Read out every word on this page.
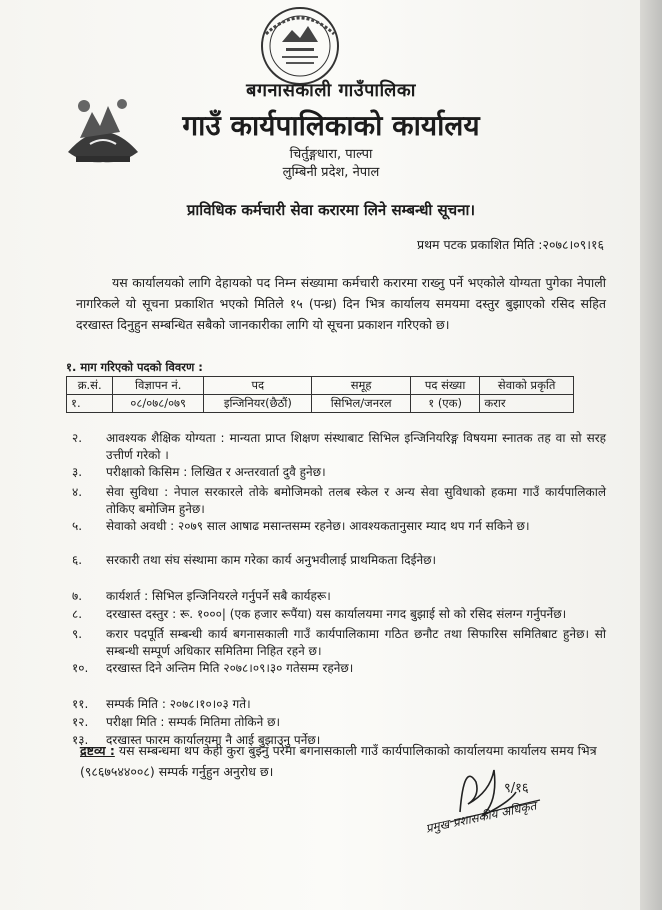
बगनासकाली गाउँपालिका
गाउँ कार्यपालिकाको कार्यालय
चिर्तुङ्गधारा, पाल्पा
लुम्बिनी प्रदेश, नेपाल
प्राविधिक कर्मचारी सेवा करारमा लिने सम्बन्धी सूचना।
प्रथम पटक प्रकाशित मिति :२०७८।०९।१६
यस कार्यालयको लागि देहायको पद निम्न संख्यामा कर्मचारी करारमा राख्नु पर्ने भएकोले योग्यता पुगेका नेपाली नागरिकले यो सूचना प्रकाशित भएको मितिले १५ (पन्ध्र) दिन भित्र कार्यालय समयमा दस्तुर बुझाएको रसिद सहित दरखास्त दिनुहुन सम्बन्धित सबैको जानकारीका लागि यो सूचना प्रकाशन गरिएको छ।
१. माग गरिएको पदको विवरण :
क्र.सं.	विज्ञापन नं.	पद	समूह	पद संख्या	सेवाको प्रकृति
१.	०८/०७८/०७९	इन्जिनियर(छैठौं)	सिभिल/जनरल	१ (एक)	करार
२.	आवश्यक शैक्षिक योग्यता : मान्यता प्राप्त शिक्षण संस्थाबाट सिभिल इन्जिनियरिङ्ग विषयमा स्नातक तह वा सो सरह उत्तीर्ण गरेको ।
३.	परीक्षाको किसिम : लिखित र अन्तरवार्ता दुवै हुनेछ।
४.	सेवा सुविधा : नेपाल सरकारले तोके बमोजिमको तलब स्केल र अन्य सेवा सुविधाको हकमा गाउँ कार्यपालिकाले तोकिए बमोजिम हुनेछ।
५.	सेवाको अवधी : २०७९ साल आषाढ मसान्तसम्म रहनेछ। आवश्यकतानुसार म्याद थप गर्न सकिने छ।
६.	सरकारी तथा संघ संस्थामा काम गरेका कार्य अनुभवीलाई प्राथमिकता दिईनेछ।
७.	कार्यशर्त : सिभिल इन्जिनियरले गर्नुपर्ने सबै कार्यहरू।
८.	दरखास्त दस्तुर : रू. १०००| (एक हजार रूपैंया) यस कार्यालयमा नगद बुझाई सो को रसिद संलग्न गर्नुपर्नेछ।
९.	करार पदपूर्ति सम्बन्धी कार्य बगनासकाली गाउँ कार्यपालिकामा गठित छनौट तथा सिफारिस समितिबाट हुनेछ। सो सम्बन्धी सम्पूर्ण अधिकार समितिमा निहित रहने छ।
१०.	दरखास्त दिने अन्तिम मिति २०७८।०९।३० गतेसम्म रहनेछ।
११.	सम्पर्क मिति : २०७८।१०।०३ गते।
१२.	परीक्षा मिति : सम्पर्क मितिमा तोकिने छ।
१३.	दरखास्त फारम कार्यालयमा नै आई बुझाउनु पर्नेछ।
द्रष्टव्य : यस सम्बन्धमा थप केही कुरा बुझ्नु परेमा बगनासकाली गाउँ कार्यपालिकाको कार्यालयमा कार्यालय समय भित्र (९८६७५४४००८) सम्पर्क गर्नुहुन अनुरोध छ।
९/१६
प्रमुख प्रशासकीय अधिकृत
